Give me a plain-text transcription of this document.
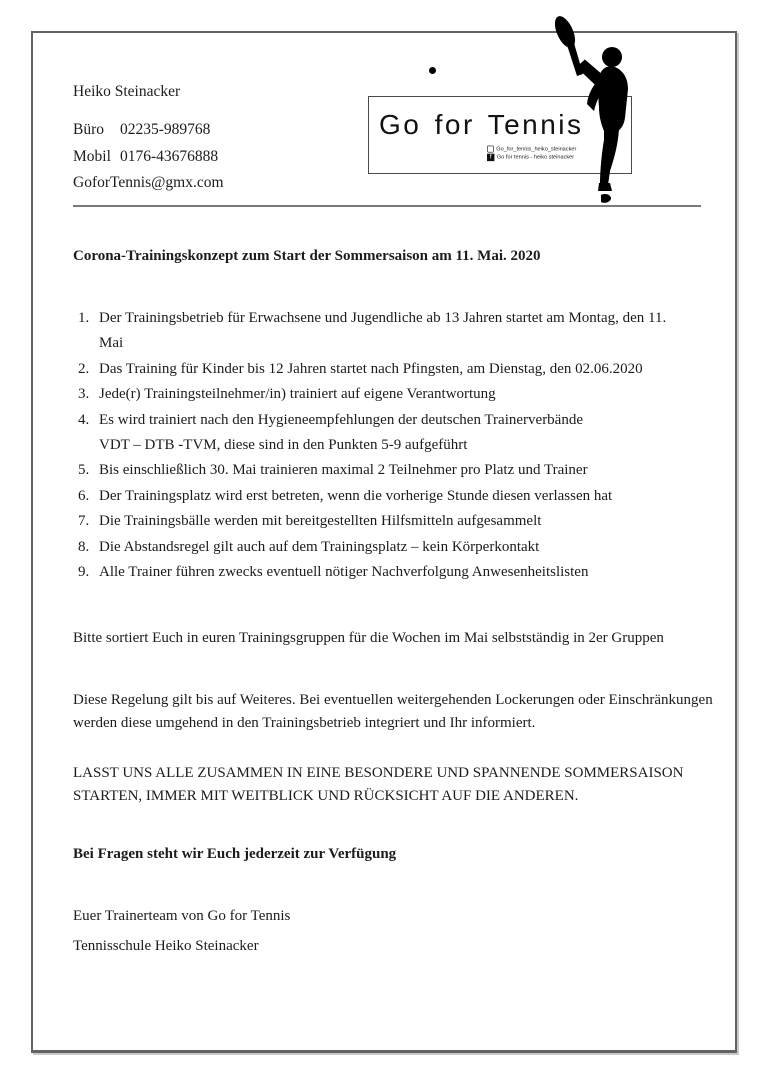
Heiko Steinacker
Büro	02235-989768
Mobil 0176-43676888
GoforTennis@gmx.com
Go for Tennis
Go_for_tennis_heiko_steinacker
f Go for tennis - heiko steinacker
Corona-Trainingskonzept zum Start der Sommersaison am 11. Mai. 2020
1. Der Trainingsbetrieb für Erwachsene und Jugendliche ab 13 Jahren startet am Montag, den 11.
Mai
2. Das Training für Kinder bis 12 Jahren startet nach Pfingsten, am Dienstag, den 02.06.2020
3. Jede(r) Trainingsteilnehmer/in) trainiert auf eigene Verantwortung
4. Es wird trainiert nach den Hygieneempfehlungen der deutschen Trainerverbände
VDT – DTB -TVM, diese sind in den Punkten 5-9 aufgeführt
5. Bis einschließlich 30. Mai trainieren maximal 2 Teilnehmer pro Platz und Trainer
6. Der Trainingsplatz wird erst betreten, wenn die vorherige Stunde diesen verlassen hat
7. Die Trainingsbälle werden mit bereitgestellten Hilfsmitteln aufgesammelt
8. Die Abstandsregel gilt auch auf dem Trainingsplatz – kein Körperkontakt
9. Alle Trainer führen zwecks eventuell nötiger Nachverfolgung Anwesenheitslisten
Bitte sortiert Euch in euren Trainingsgruppen für die Wochen im Mai selbstständig in 2er Gruppen
Diese Regelung gilt bis auf Weiteres. Bei eventuellen weitergehenden Lockerungen oder Einschränkungen werden diese umgehend in den Trainingsbetrieb integriert und Ihr informiert.
LASST UNS ALLE ZUSAMMEN IN EINE BESONDERE UND SPANNENDE SOMMERSAISON STARTEN, IMMER MIT WEITBLICK UND RÜCKSICHT AUF DIE ANDEREN.
Bei Fragen steht wir Euch jederzeit zur Verfügung
Euer Trainerteam von Go for Tennis
Tennisschule Heiko Steinacker
